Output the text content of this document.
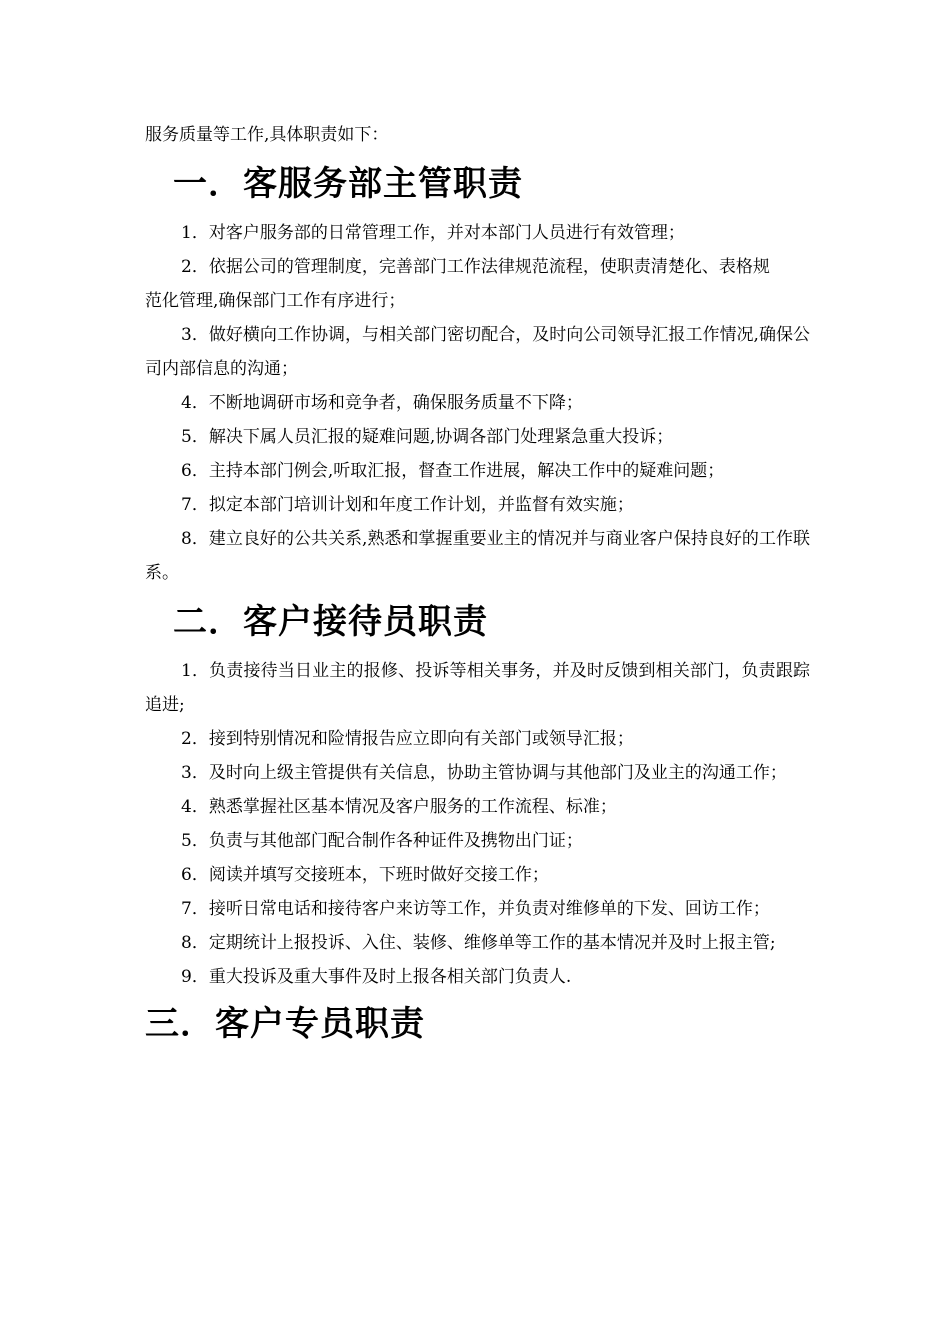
服务质量等工作,具体职责如下：

一．客服务部主管职责

1．对客户服务部的日常管理工作，并对本部门人员进行有效管理；

2．依据公司的管理制度，完善部门工作法律规范流程，使职责清楚化、表格规

范化管理,确保部门工作有序进行；

3．做好横向工作协调，与相关部门密切配合，及时向公司领导汇报工作情况,确保公司内部信息的沟通；

4．不断地调研市场和竞争者，确保服务质量不下降；

5．解决下属人员汇报的疑难问题,协调各部门处理紧急重大投诉；

6．主持本部门例会,听取汇报，督查工作进展，解决工作中的疑难问题；

7．拟定本部门培训计划和年度工作计划，并监督有效实施；

8．建立良好的公共关系,熟悉和掌握重要业主的情况并与商业客户保持良好的工作联系。

二．客户接待员职责

1．负责接待当日业主的报修、投诉等相关事务，并及时反馈到相关部门，负责跟踪追进;

2．接到特别情况和险情报告应立即向有关部门或领导汇报；

3．及时向上级主管提供有关信息，协助主管协调与其他部门及业主的沟通工作；

4．熟悉掌握社区基本情况及客户服务的工作流程、标准；

5．负责与其他部门配合制作各种证件及携物出门证；

6．阅读并填写交接班本，下班时做好交接工作；

7．接听日常电话和接待客户来访等工作，并负责对维修单的下发、回访工作；

8．定期统计上报投诉、入住、装修、维修单等工作的基本情况并及时上报主管;

9．重大投诉及重大事件及时上报各相关部门负责人.

三．客户专员职责
